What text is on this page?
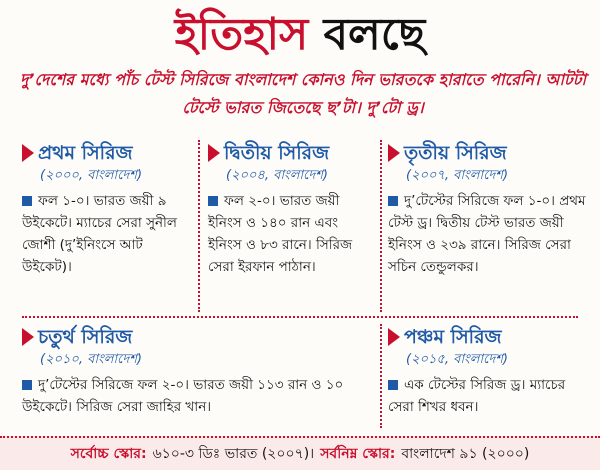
ইতিহাস বলছে
দু’দেশের মধ্যে পাঁচ টেস্ট সিরিজে বাংলাদেশ কোনও দিন ভারতকে হারাতে পারেনি। আটটা টেস্টে ভারত জিতেছে ছ’টা। দু’টো ড্র।
প্রথম সিরিজ
(২০০০, বাংলাদেশ)
ফল ১-০। ভারত জয়ী ৯ উইকেটে। ম্যাচের সেরা সুনীল জোশী (দু’ইনিংসে আট উইকেট)।
দ্বিতীয় সিরিজ
(২০০৪, বাংলাদেশ)
ফল ২-০। ভারত জয়ী ইনিংস ও ১৪০ রান এবং ইনিংস ও ৮৩ রানে। সিরিজ সেরা ইরফান পাঠান।
তৃতীয় সিরিজ
(২০০৭, বাংলাদেশ)
দু’টেস্টের সিরিজে ফল ১-০। প্রথম টেস্ট ড্র। দ্বিতীয় টেস্ট ভারত জয়ী ইনিংস ও ২৩৯ রানে। সিরিজ সেরা সচিন তেন্ডুলকর।
চতুর্থ সিরিজ
(২০১০, বাংলাদেশ)
দু’টেস্টের সিরিজে ফল ২-০। ভারত জয়ী ১১৩ রান ও ১০ উইকেটে। সিরিজ সেরা জাহির খান।
পঞ্চম সিরিজ
(২০১৫, বাংলাদেশ)
এক টেস্টের সিরিজ ড্র। ম্যাচের সেরা শিখর ধবন।
সর্বোচ্চ স্কোর: ৬১০-৩ ডিঃ ভারত (২০০৭)। সর্বনিম্ন স্কোর: বাংলাদেশ ৯১ (২০০০)
